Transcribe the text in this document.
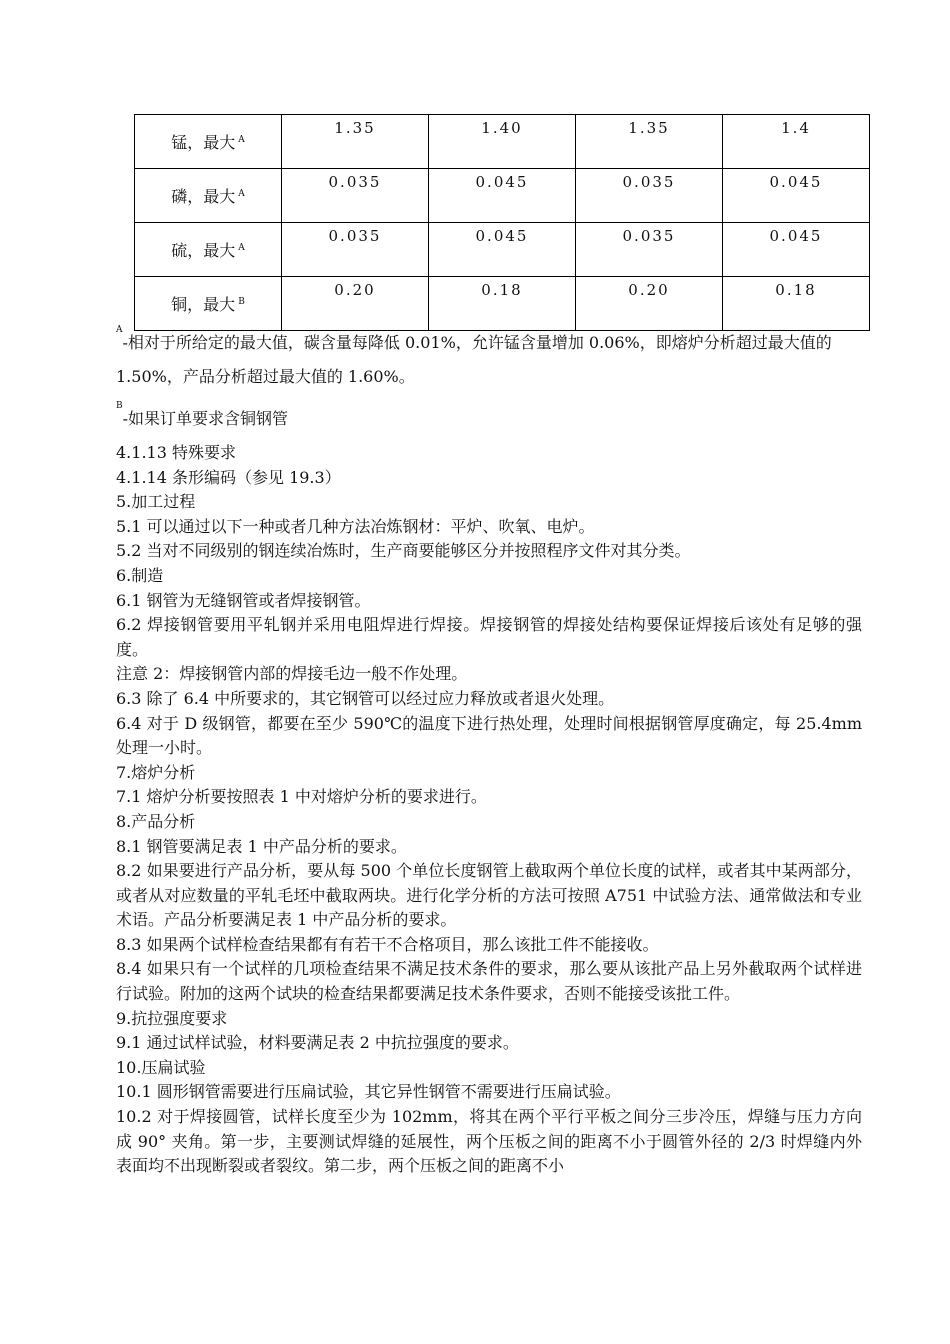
锰，最大 $^A$	1.35	1.40	1.35	1.4
磷，最大 $^A$	0.035	0.045	0.035	0.045
硫，最大 $^A$	0.035	0.045	0.035	0.045
铜，最大 $^B$	0.20	0.18	0.20	0.18

$^A$-相对于所给定的最大值，碳含量每降低 0.01%，允许锰含量增加 0.06%，即熔炉分析超过最大值的 1.50%，产品分析超过最大值的 1.60%。

$^B$-如果订单要求含铜钢管

4.1.13 特殊要求

4.1.14 条形编码（参见 19.3）

5.加工过程

5.1 可以通过以下一种或者几种方法冶炼钢材：平炉、吹氧、电炉。

5.2 当对不同级别的钢连续冶炼时，生产商要能够区分并按照程序文件对其分类。

6.制造

6.1 钢管为无缝钢管或者焊接钢管。

6.2 焊接钢管要用平轧钢并采用电阻焊进行焊接。焊接钢管的焊接处结构要保证焊接后该处有足够的强度。

注意 2：焊接钢管内部的焊接毛边一般不作处理。

6.3 除了 6.4 中所要求的，其它钢管可以经过应力释放或者退火处理。

6.4 对于 D 级钢管，都要在至少 590℃的温度下进行热处理，处理时间根据钢管厚度确定，每 25.4mm 处理一小时。

7.熔炉分析

7.1 熔炉分析要按照表 1 中对熔炉分析的要求进行。

8.产品分析

8.1 钢管要满足表 1 中产品分析的要求。

8.2 如果要进行产品分析，要从每 500 个单位长度钢管上截取两个单位长度的试样，或者其中某两部分，或者从对应数量的平轧毛坯中截取两块。进行化学分析的方法可按照 A751 中试验方法、通常做法和专业术语。产品分析要满足表 1 中产品分析的要求。

8.3 如果两个试样检查结果都有有若干不合格项目，那么该批工件不能接收。

8.4 如果只有一个试样的几项检查结果不满足技术条件的要求，那么要从该批产品上另外截取两个试样进行试验。附加的这两个试块的检查结果都要满足技术条件要求，否则不能接受该批工件。

9.抗拉强度要求

9.1 通过试样试验，材料要满足表 2 中抗拉强度的要求。

10.压扁试验

10.1 圆形钢管需要进行压扁试验，其它异性钢管不需要进行压扁试验。

10.2 对于焊接圆管，试样长度至少为 102mm，将其在两个平行平板之间分三步冷压，焊缝与压力方向成 90° 夹角。第一步，主要测试焊缝的延展性，两个压板之间的距离不小于圆管外径的 2/3 时焊缝内外表面均不出现断裂或者裂纹。第二步，两个压板之间的距离不小
